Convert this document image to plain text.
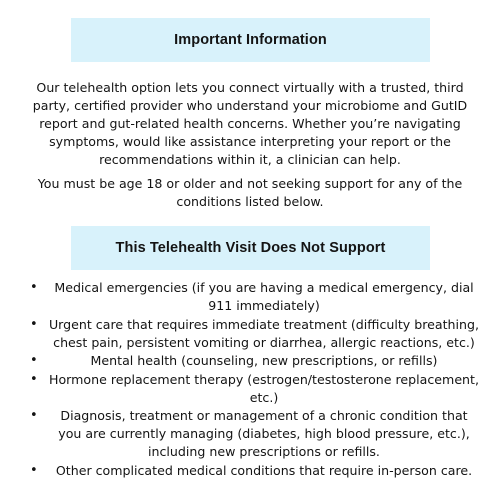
Important Information

Our telehealth option lets you connect virtually with a trusted, third party, certified provider who understand your microbiome and GutID report and gut-related health concerns. Whether you’re navigating symptoms, would like assistance interpreting your report or the recommendations within it, a clinician can help.

You must be age 18 or older and not seeking support for any of the conditions listed below.

This Telehealth Visit Does Not Support
•	Medical emergencies (if you are having a medical emergency, dial 911 immediately)
• Urgent care that requires immediate treatment (difficulty breathing, chest pain, persistent vomiting or diarrhea, allergic reactions, etc.)
•	Mental health (counseling, new prescriptions, or refills)
• Hormone replacement therapy (estrogen/testosterone replacement, etc.)
•	Diagnosis, treatment or management of a chronic condition that you are currently managing (diabetes, high blood pressure, etc.), including new prescriptions or refills.
•	Other complicated medical conditions that require in-person care.
